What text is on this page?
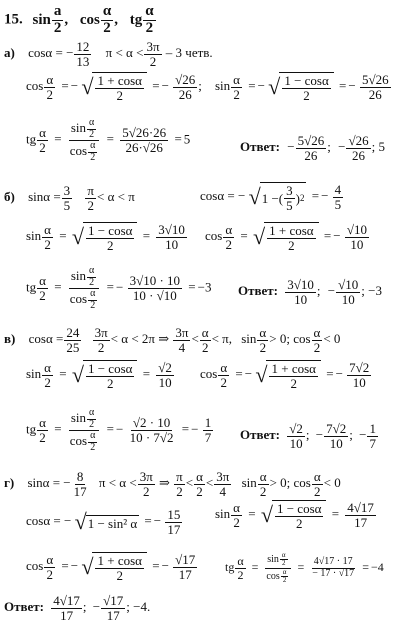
15. $\sin \frac{a}{2}$ , $\cos \frac{\alpha}{2}$ , tg $\frac{\alpha}{2}$
а) cosα = − $\frac{12}{13}$ $\pi < \alpha < \frac{3\pi}{2} - 3$ четв.
$\cos \frac{\alpha}{2}$ = − √ 1 + cosα
2
= − $\frac{√26}{26}$ ; $\sin \frac{\alpha}{2}$ = − √ 1 − cosα
2
= − $\frac{5√26}{26}$
tg $\frac{\alpha}{2} = \frac{\sin \frac{\alpha}{2}}{\cos \frac{\alpha}{2}} = \frac{5√26\cdot 26}{26\cdot√26} = 5$
Ответ: − $\frac{5√26}{26}$ ; − $\frac{√26}{26}$ ; 5
б) $\sin\alpha = \frac{3}{5}$
$\frac{\pi}{2} < \alpha < \pi$	cosα = − √ 1 − (
3
5 ) 2 = − $\frac{4}{5}$
$\sin \frac{\alpha}{2}$ = √ 1 − cosα
2
= $\frac{3√10}{10}$ $\cos \frac{\alpha}{2}$ = √ 1 + cosα
2
= − $\frac{√10}{10}$
tg $\frac{\alpha}{2} = \frac{\sin \frac{\alpha}{2}}{\cos \frac{\alpha}{2}}$ = − $\frac{3√10 \cdot 10}{10 \cdot √10} = -3$ Ответ: $\frac{3√10}{10}$ ; − $\frac{√10}{10}$ ; −3
в) $\cos\alpha = \frac{24}{25}$
$\frac{3\pi}{2} < \alpha < 2\pi$ ⇒ $\frac{3\pi}{4} < \frac{\alpha}{2} < \pi$, $\sin \frac{\alpha}{2} > 0$; $\cos \frac{\alpha}{2} < 0$
$\sin \frac{\alpha}{2}$ = √ 1 − cosα
2
= $\frac{√2}{10}$ $\cos \frac{\alpha}{2}$ = − √ 1 + cosα
2
= − $\frac{7√2}{10}$
tg $\frac{\alpha}{2} = \frac{\sin \frac{\alpha}{2}}{\cos \frac{\alpha}{2}}$ = − $\frac{√2 \cdot 10}{10 \cdot 7√2}$ = − $\frac{1}{7}$ Ответ: $\frac{√2}{10}$ ; − $\frac{7√2}{10}$ ; − $\frac{1}{7}$
г) sinα = − $\frac{8}{17}$ $\pi < \alpha < \frac{3\pi}{2}$ ⇒ $\frac{\pi}{2} < \frac{\alpha}{2} < \frac{3\pi}{4}$ $\sin \frac{\alpha}{2} > 0$; $\cos \frac{\alpha}{2} < 0$
cosα = − √ 1 − sin² α = − $\frac{15}{17}$	$\sin \frac{\alpha}{2}$ = √ 1 − cosα
2
= $\frac{4√17}{17}$
$\cos \frac{\alpha}{2}$ = − √ 1 + cosα
2
= − $\frac{√17}{17}$ tg $\frac{\alpha}{2} = \frac{\sin \frac{\alpha}{2}}{\cos \frac{\alpha}{2}} = \frac{4√17 \cdot 17}{- 17 \cdot √17} = -4$
Ответ: $\frac{4√17}{17}$ ; − $\frac{√17}{17}$ ; −4.
